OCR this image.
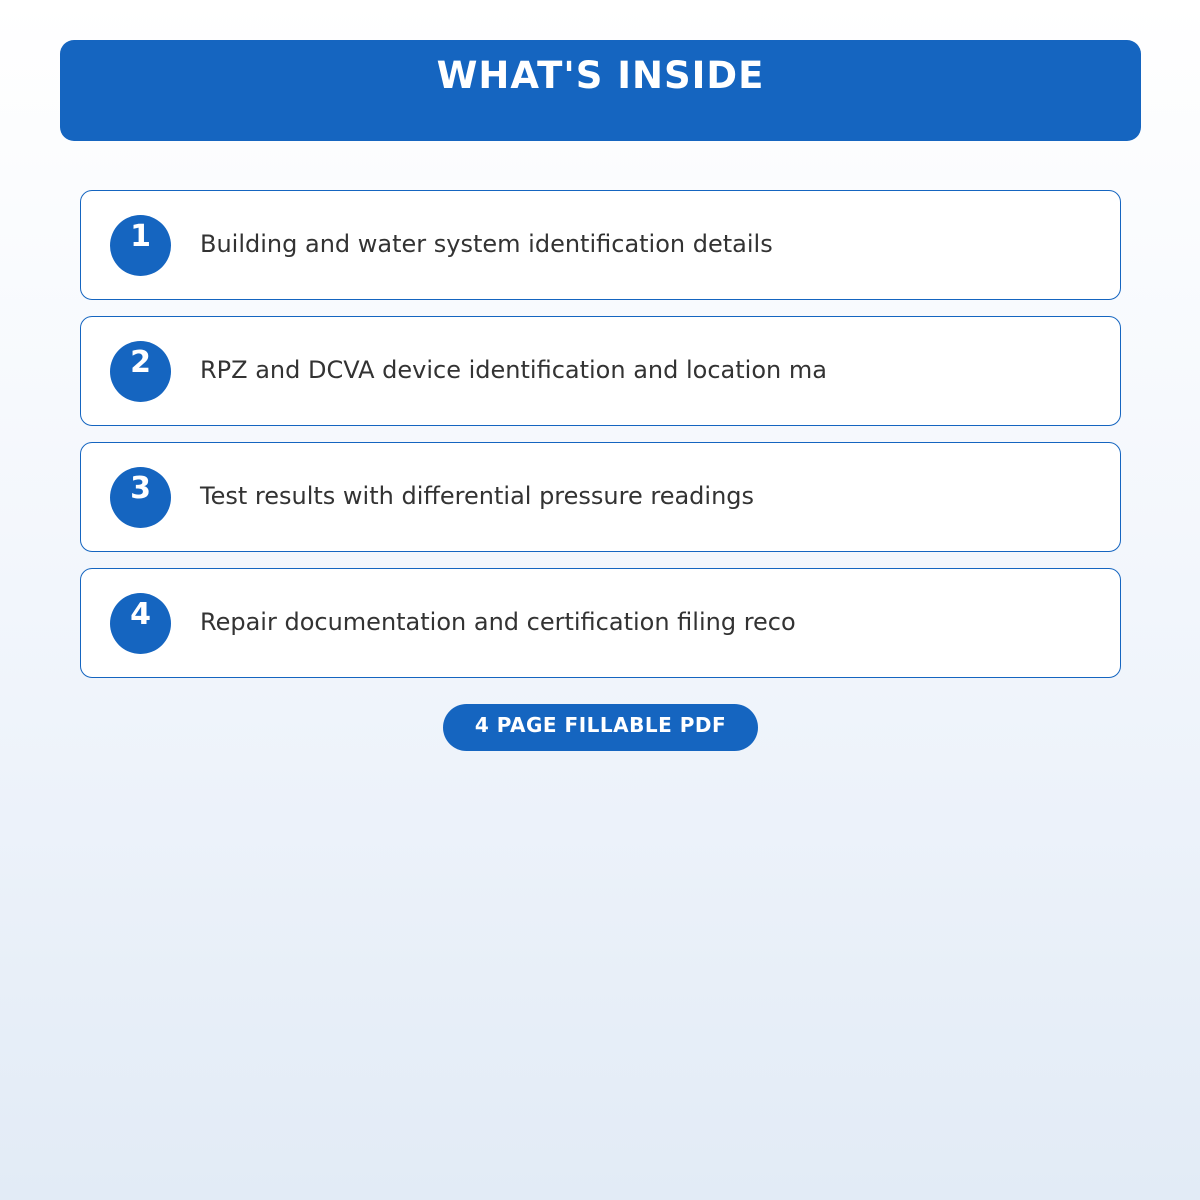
WHAT'S INSIDE
1	Building and water system identification details
2	RPZ and DCVA device identification and location ma
3	Test results with differential pressure readings
4	Repair documentation and certification filing reco
4 PAGE FILLABLE PDF
